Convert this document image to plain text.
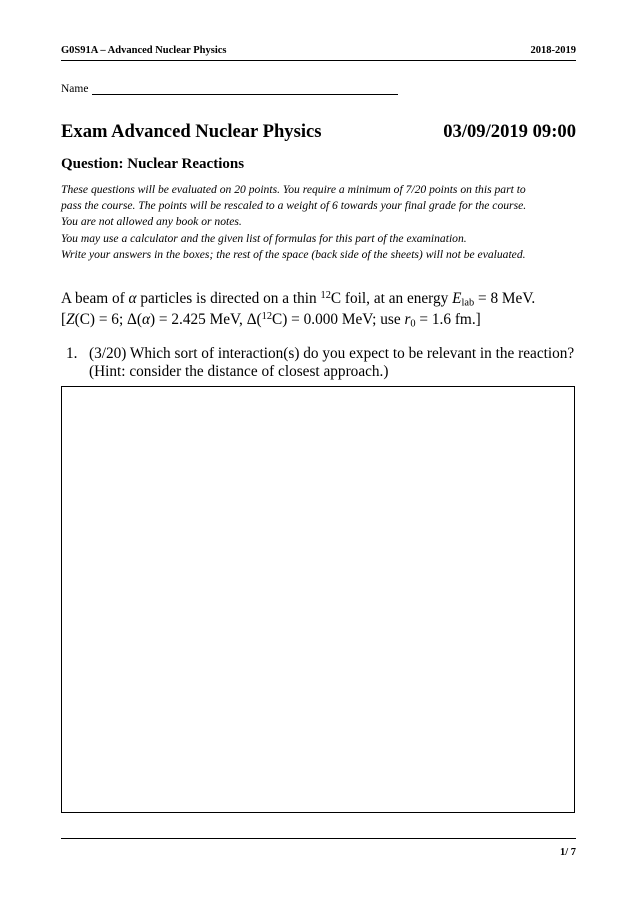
G0S91A – Advanced Nuclear Physics	2018-2019
Name
Exam Advanced Nuclear Physics	03/09/2019 09:00
Question: Nuclear Reactions
These questions will be evaluated on 20 points. You require a minimum of 7/20 points on this part to
pass the course. The points will be rescaled to a weight of 6 towards your final grade for the course.
You are not allowed any book or notes.
You may use a calculator and the given list of formulas for this part of the examination.
Write your answers in the boxes; the rest of the space (back side of the sheets) will not be evaluated.
A beam of α particles is directed on a thin $^{12}$C foil, at an energy $E_{lab} = 8$ MeV.
[Z(C) = 6; Δ(α) = 2.425 MeV, Δ($^{12}$C) = 0.000 MeV; use $r_0 = 1.6$ fm.]
1. (3/20) Which sort of interaction(s) do you expect to be relevant in the reaction?
(Hint: consider the distance of closest approach.)
1/ 7
